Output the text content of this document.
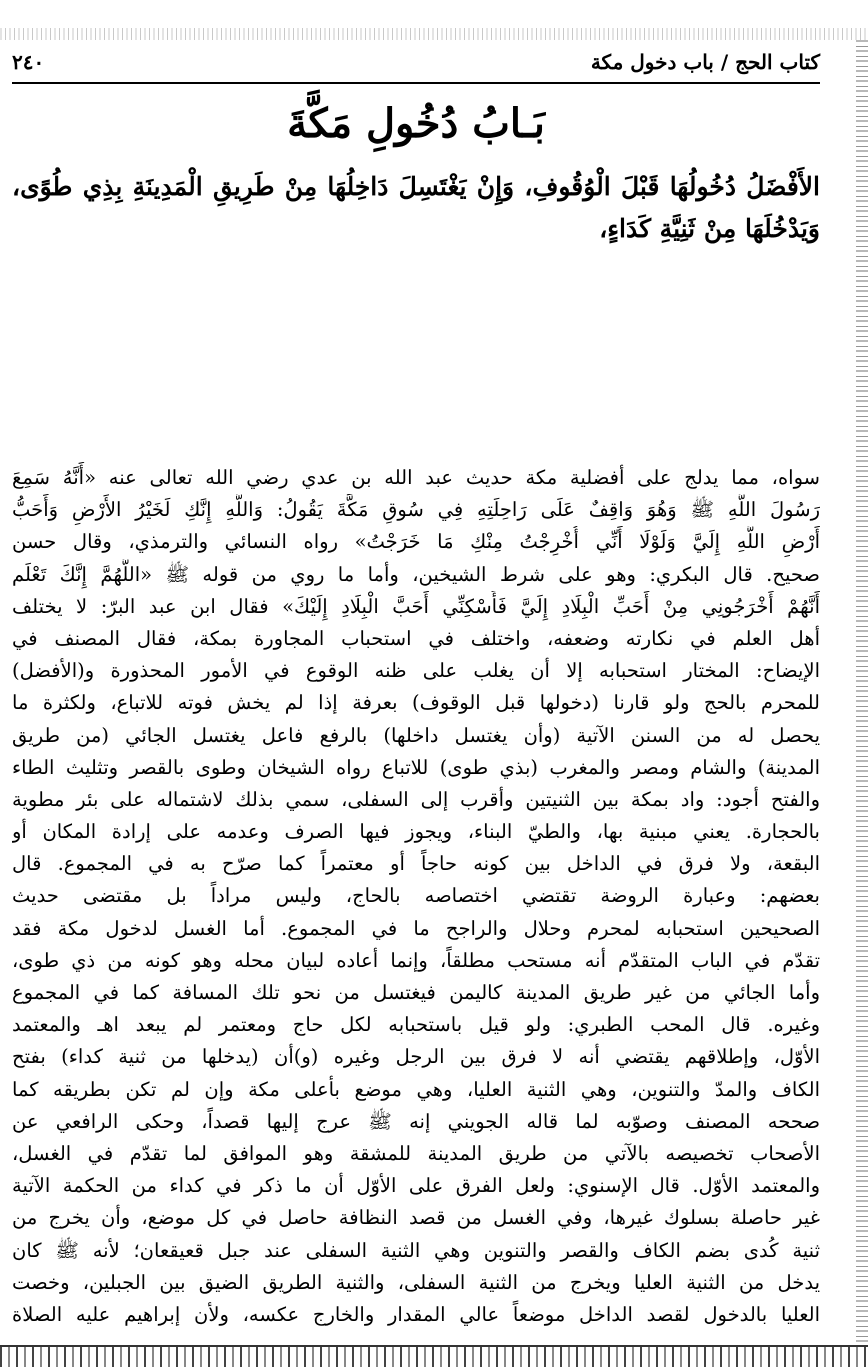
كتاب الحج / باب دخول مكة
٢٤٠
بَـابُ دُخُولِ مَكَّةَ
الأَفْضَلُ دُخُولُهَا قَبْلَ الْوُقُوفِ، وَإِنْ يَغْتَسِلَ دَاخِلُهَا مِنْ طَرِيقِ الْمَدِينَةِ بِذِي طُوًى،
وَيَدْخُلَهَا مِنْ ثَنِيَّةِ كَدَاءٍ،
سواه، مما يدلج على أفضلية مكة حديث عبد الله بن عدي رضي الله تعالى عنه «أَنَّهُ سَمِعَ
رَسُولَ اللَّهِ ﷺ وَهُوَ وَاقِفٌ عَلَى رَاحِلَتِهِ فِي سُوقِ مَكَّةَ يَقُولُ: وَاللَّهِ إِنَّكِ لَخَيْرُ الأَرْضِ وَأَحَبُّ
أَرْضِ اللَّهِ إِلَيَّ وَلَوْلَا أَنِّي أُخْرِجْتُ مِنْكِ مَا خَرَجْتُ» رواه النسائي والترمذي، وقال حسن
صحيح. قال البكري: وهو على شرط الشيخين، وأما ما روي من قوله ﷺ «اللَّهُمَّ إِنَّكَ تَعْلَم
أَنَّهُمْ أَخْرَجُونِي مِنْ أَحَبِّ الْبِلَادِ إِلَيَّ فَأَسْكِنِّي أَحَبَّ الْبِلَادِ إِلَيْكَ» فقال ابن عبد البرّ: لا يختلف
أهل العلم في نكارته وضعفه، واختلف في استحباب المجاورة بمكة، فقال المصنف في
الإيضاح: المختار استحبابه إلا أن يغلب على ظنه الوقوع في الأمور المحذورة و(الأفضل)
للمحرم بالحج ولو قارنا (دخولها قبل الوقوف) بعرفة إذا لم يخش فوته للاتباع، ولكثرة ما
يحصل له من السنن الآتية (وأن يغتسل داخلها) بالرفع فاعل يغتسل الجائي (من طريق
المدينة) والشام ومصر والمغرب (بذي طوى) للاتباع رواه الشيخان وطوى بالقصر وتثليث الطاء
والفتح أجود: واد بمكة بين الثنيتين وأقرب إلى السفلى، سمي بذلك لاشتماله على بئر مطوية
بالحجارة. يعني مبنية بها، والطيّ البناء، ويجوز فيها الصرف وعدمه على إرادة المكان أو
البقعة، ولا فرق في الداخل بين كونه حاجاً أو معتمراً كما صرّح به في المجموع. قال
بعضهم: وعبارة الروضة تقتضي اختصاصه بالحاج، وليس مراداً بل مقتضى حديث
الصحيحين استحبابه لمحرم وحلال والراجح ما في المجموع. أما الغسل لدخول مكة فقد
تقدّم في الباب المتقدّم أنه مستحب مطلقاً، وإنما أعاده لبيان محله وهو كونه من ذي طوى،
وأما الجائي من غير طريق المدينة كاليمن فيغتسل من نحو تلك المسافة كما في المجموع
وغيره. قال المحب الطبري: ولو قيل باستحبابه لكل حاج ومعتمر لم يبعد اهـ والمعتمد
الأوّل، وإطلاقهم يقتضي أنه لا فرق بين الرجل وغيره (و)أن (يدخلها من ثنية كداء) بفتح
الكاف والمدّ والتنوين، وهي الثنية العليا، وهي موضع بأعلى مكة وإن لم تكن بطريقه كما
صححه المصنف وصوّبه لما قاله الجويني إنه ﷺ عرج إليها قصداً، وحكى الرافعي عن
الأصحاب تخصيصه بالآتي من طريق المدينة للمشقة وهو الموافق لما تقدّم في الغسل،
والمعتمد الأوّل. قال الإسنوي: ولعل الفرق على الأوّل أن ما ذكر في كداء من الحكمة الآتية
غير حاصلة بسلوك غيرها، وفي الغسل من قصد النظافة حاصل في كل موضع، وأن يخرج من
ثنية كُدى بضم الكاف والقصر والتنوين وهي الثنية السفلى عند جبل قعيقعان؛ لأنه ﷺ كان
يدخل من الثنية العليا ويخرج من الثنية السفلى، والثنية الطريق الضيق بين الجبلين، وخصت
العليا بالدخول لقصد الداخل موضعاً عالي المقدار والخارج عكسه، ولأن إبراهيم عليه الصلاة
